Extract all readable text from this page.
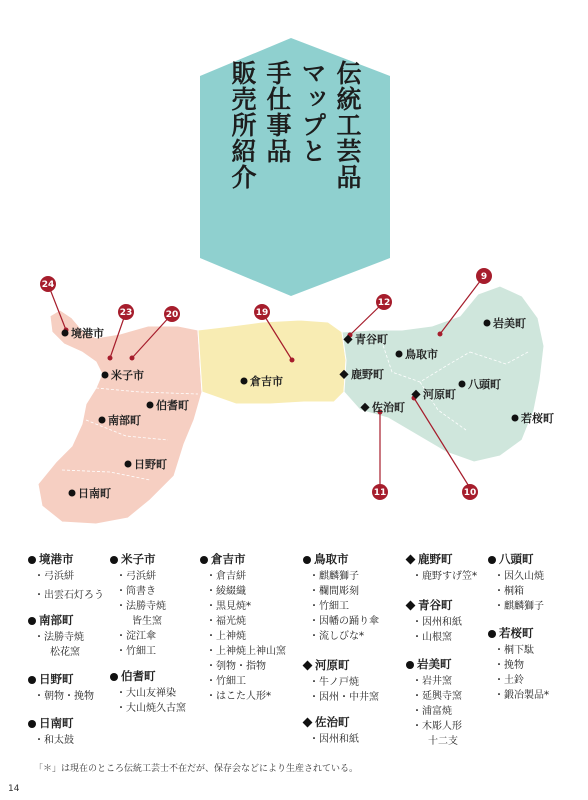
24
23	20	19
12
9
11	10
境港市
米子市
伯耆町
南部町
日野町
日南町
倉吉市
青谷町
鳥取市
鹿野町
河原町
佐治町
岩美町
八頭町
若桜町
伝統工芸品
マップと
手仕事品
販売所紹介
境港市
・弓浜絣
・出雲石灯ろう
南部町
・法勝寺焼
松花窯
日野町
・朝物・挽物
日南町
・和太鼓
米子市
・弓浜絣
・筒書き
・法勝寺焼
皆生窯
・淀江傘
・竹細工
伯耆町
・大山友禅染
・大山焼久古窯
倉吉市
・倉吉絣
・綾綴織
・黒見焼*
・福光焼
・上神焼
・上神焼上神山窯
・刳物・指物
・竹細工
・はこた人形*
鳥取市
・麒麟獅子
・欄間彫刻
・竹細工
・因幡の踊り傘
・流しびな*
河原町
・牛ノ戸焼
・因州・中井窯
佐治町
・因州和紙
鹿野町
・鹿野すげ笠*
青谷町
・因州和紙
・山根窯
岩美町
・岩井窯
・延興寺窯
・浦富焼
・木彫人形
十二支
八頭町
・因久山焼
・桐箱
・麒麟獅子
若桜町
・桐下駄
・挽物
・土鈴
・鍛冶製品*
「＊」は現在のところ伝統工芸士不在だが、保存会などにより生産されている。
14
